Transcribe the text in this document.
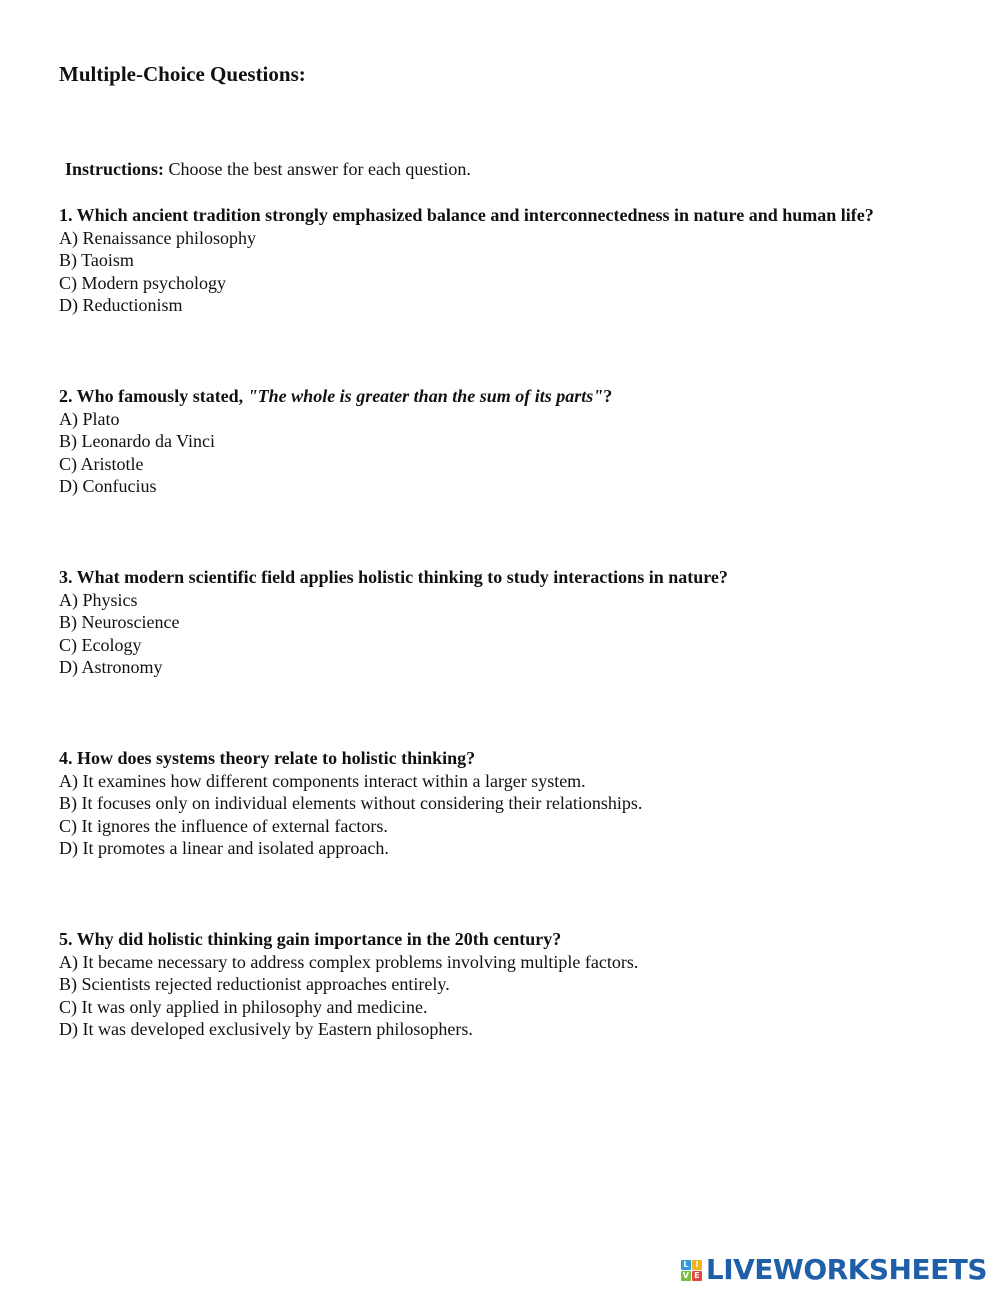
Multiple-Choice Questions:
Instructions: Choose the best answer for each question.
1. Which ancient tradition strongly emphasized balance and interconnectedness in nature and human life?
A) Renaissance philosophy
B) Taoism
C) Modern psychology
D) Reductionism
2. Who famously stated, "The whole is greater than the sum of its parts"?
A) Plato
B) Leonardo da Vinci
C) Aristotle
D) Confucius
3. What modern scientific field applies holistic thinking to study interactions in nature?
A) Physics
B) Neuroscience
C) Ecology
D) Astronomy
4. How does systems theory relate to holistic thinking?
A) It examines how different components interact within a larger system.
B) It focuses only on individual elements without considering their relationships.
C) It ignores the influence of external factors.
D) It promotes a linear and isolated approach.
5. Why did holistic thinking gain importance in the 20th century?
A) It became necessary to address complex problems involving multiple factors.
B) Scientists rejected reductionist approaches entirely.
C) It was only applied in philosophy and medicine.
D) It was developed exclusively by Eastern philosophers.
L i
V E LIVEWORKSHEETS
